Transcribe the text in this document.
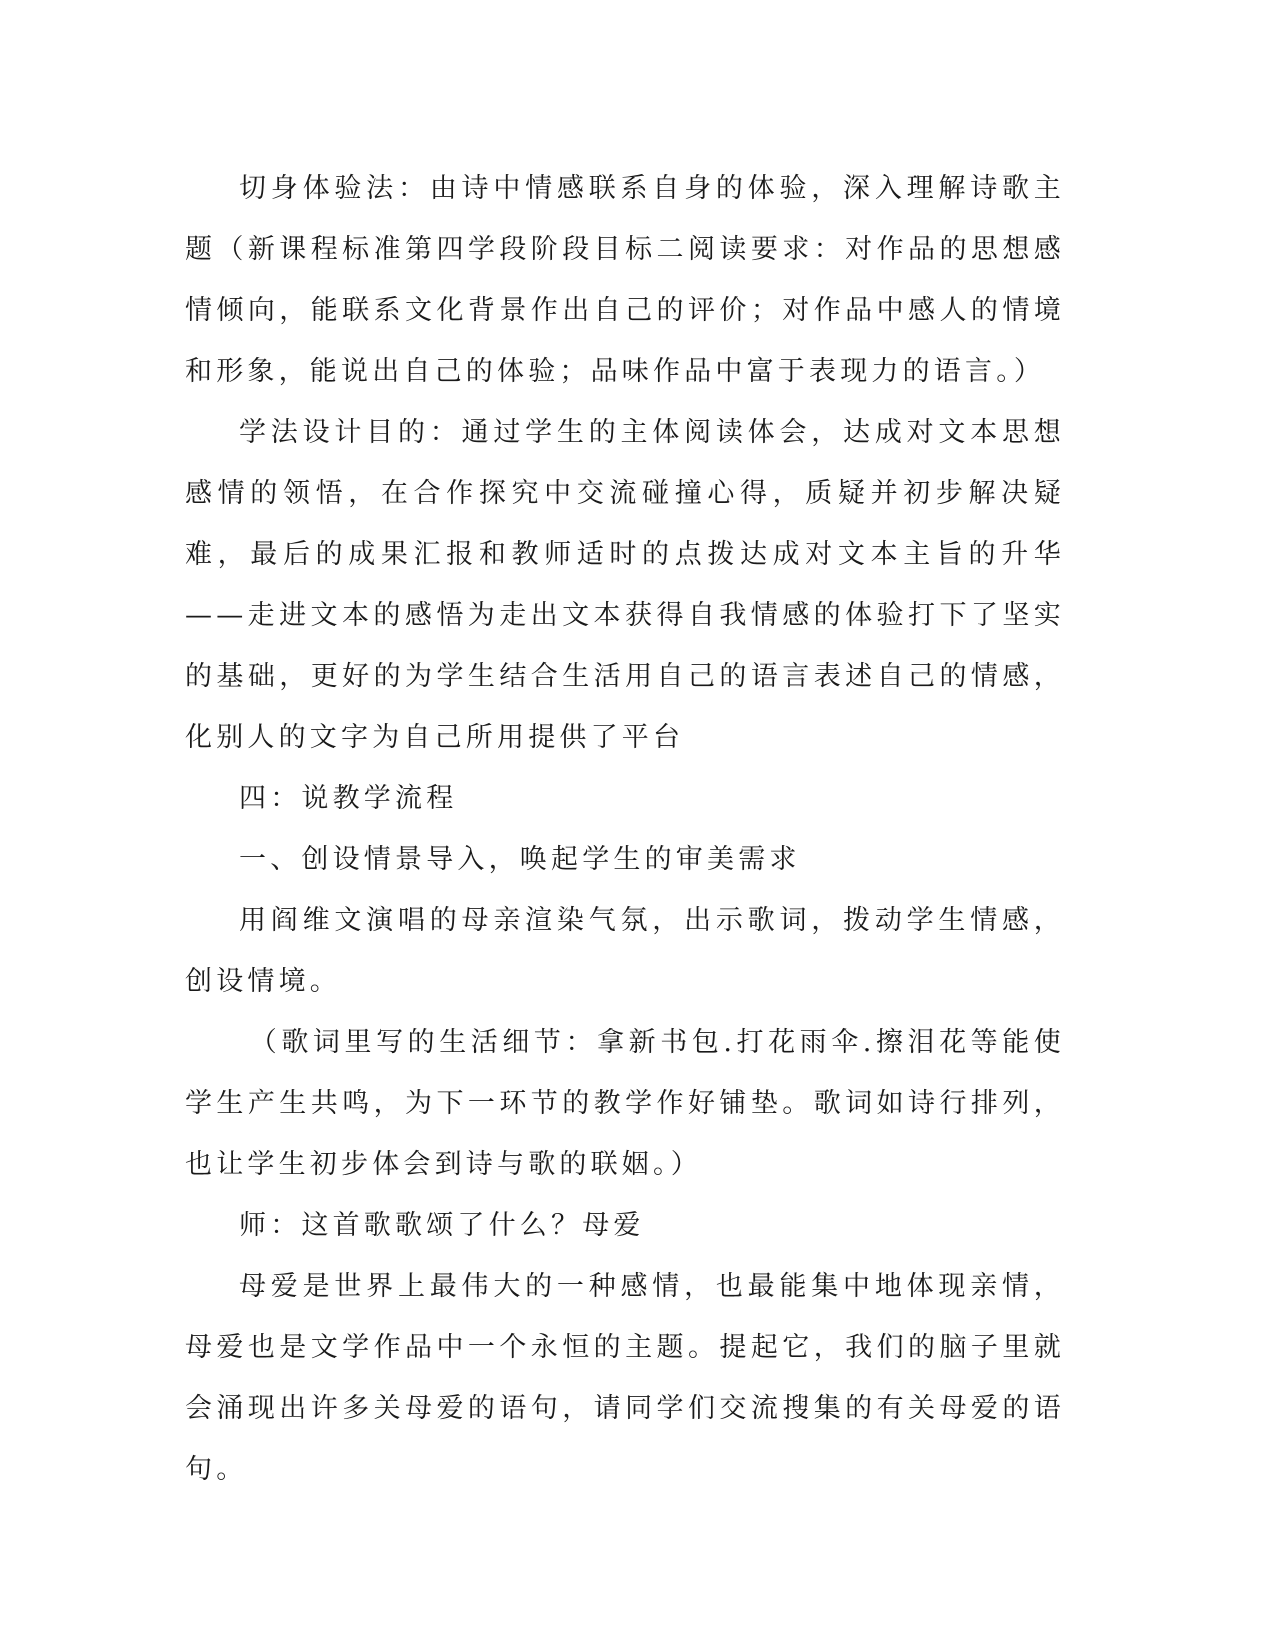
切身体验法：由诗中情感联系自身的体验，深入理解诗歌主题（新课程标准第四学段阶段目标二阅读要求：对作品的思想感情倾向，能联系文化背景作出自己的评价；对作品中感人的情境和形象，能说出自己的体验；品味作品中富于表现力的语言。）

学法设计目的：通过学生的主体阅读体会，达成对文本思想感情的领悟，在合作探究中交流碰撞心得，质疑并初步解决疑难，最后的成果汇报和教师适时的点拨达成对文本主旨的升华——走进文本的感悟为走出文本获得自我情感的体验打下了坚实的基础，更好的为学生结合生活用自己的语言表述自己的情感，化别人的文字为自己所用提供了平台

四：说教学流程

一、创设情景导入，唤起学生的审美需求

用阎维文演唱的母亲渲染气氛，出示歌词，拨动学生情感，创设情境。

（歌词里写的生活细节：拿新书包.打花雨伞.擦泪花等能使学生产生共鸣，为下一环节的教学作好铺垫。歌词如诗行排列，也让学生初步体会到诗与歌的联姻。）

师：这首歌歌颂了什么？母爱

母爱是世界上最伟大的一种感情，也最能集中地体现亲情，母爱也是文学作品中一个永恒的主题。提起它，我们的脑子里就会涌现出许多关母爱的语句，请同学们交流搜集的有关母爱的语句。
